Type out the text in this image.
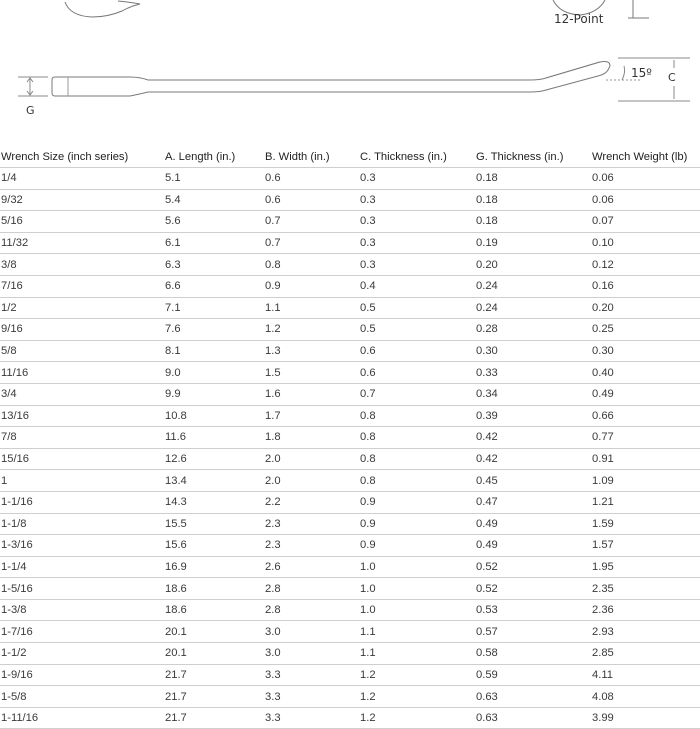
12-Point
15º C
G
Wrench Size (inch series)	A. Length (in.)	B. Width (in.)	C. Thickness (in.)	G. Thickness (in.)	Wrench Weight (lb)
1/4	5.1	0.6	0.3	0.18	0.06
9/32	5.4	0.6	0.3	0.18	0.06
5/16	5.6	0.7	0.3	0.18	0.07
11/32	6.1	0.7	0.3	0.19	0.10
3/8	6.3	0.8	0.3	0.20	0.12
7/16	6.6	0.9	0.4	0.24	0.16
1/2	7.1	1.1	0.5	0.24	0.20
9/16	7.6	1.2	0.5	0.28	0.25
5/8	8.1	1.3	0.6	0.30	0.30
11/16	9.0	1.5	0.6	0.33	0.40
3/4	9.9	1.6	0.7	0.34	0.49
13/16	10.8	1.7	0.8	0.39	0.66
7/8	11.6	1.8	0.8	0.42	0.77
15/16	12.6	2.0	0.8	0.42	0.91
1	13.4	2.0	0.8	0.45	1.09
1-1/16	14.3	2.2	0.9	0.47	1.21
1-1/8	15.5	2.3	0.9	0.49	1.59
1-3/16	15.6	2.3	0.9	0.49	1.57
1-1/4	16.9	2.6	1.0	0.52	1.95
1-5/16	18.6	2.8	1.0	0.52	2.35
1-3/8	18.6	2.8	1.0	0.53	2.36
1-7/16	20.1	3.0	1.1	0.57	2.93
1-1/2	20.1	3.0	1.1	0.58	2.85
1-9/16	21.7	3.3	1.2	0.59	4.11
1-5/8	21.7	3.3	1.2	0.63	4.08
1-11/16	21.7	3.3	1.2	0.63	3.99
